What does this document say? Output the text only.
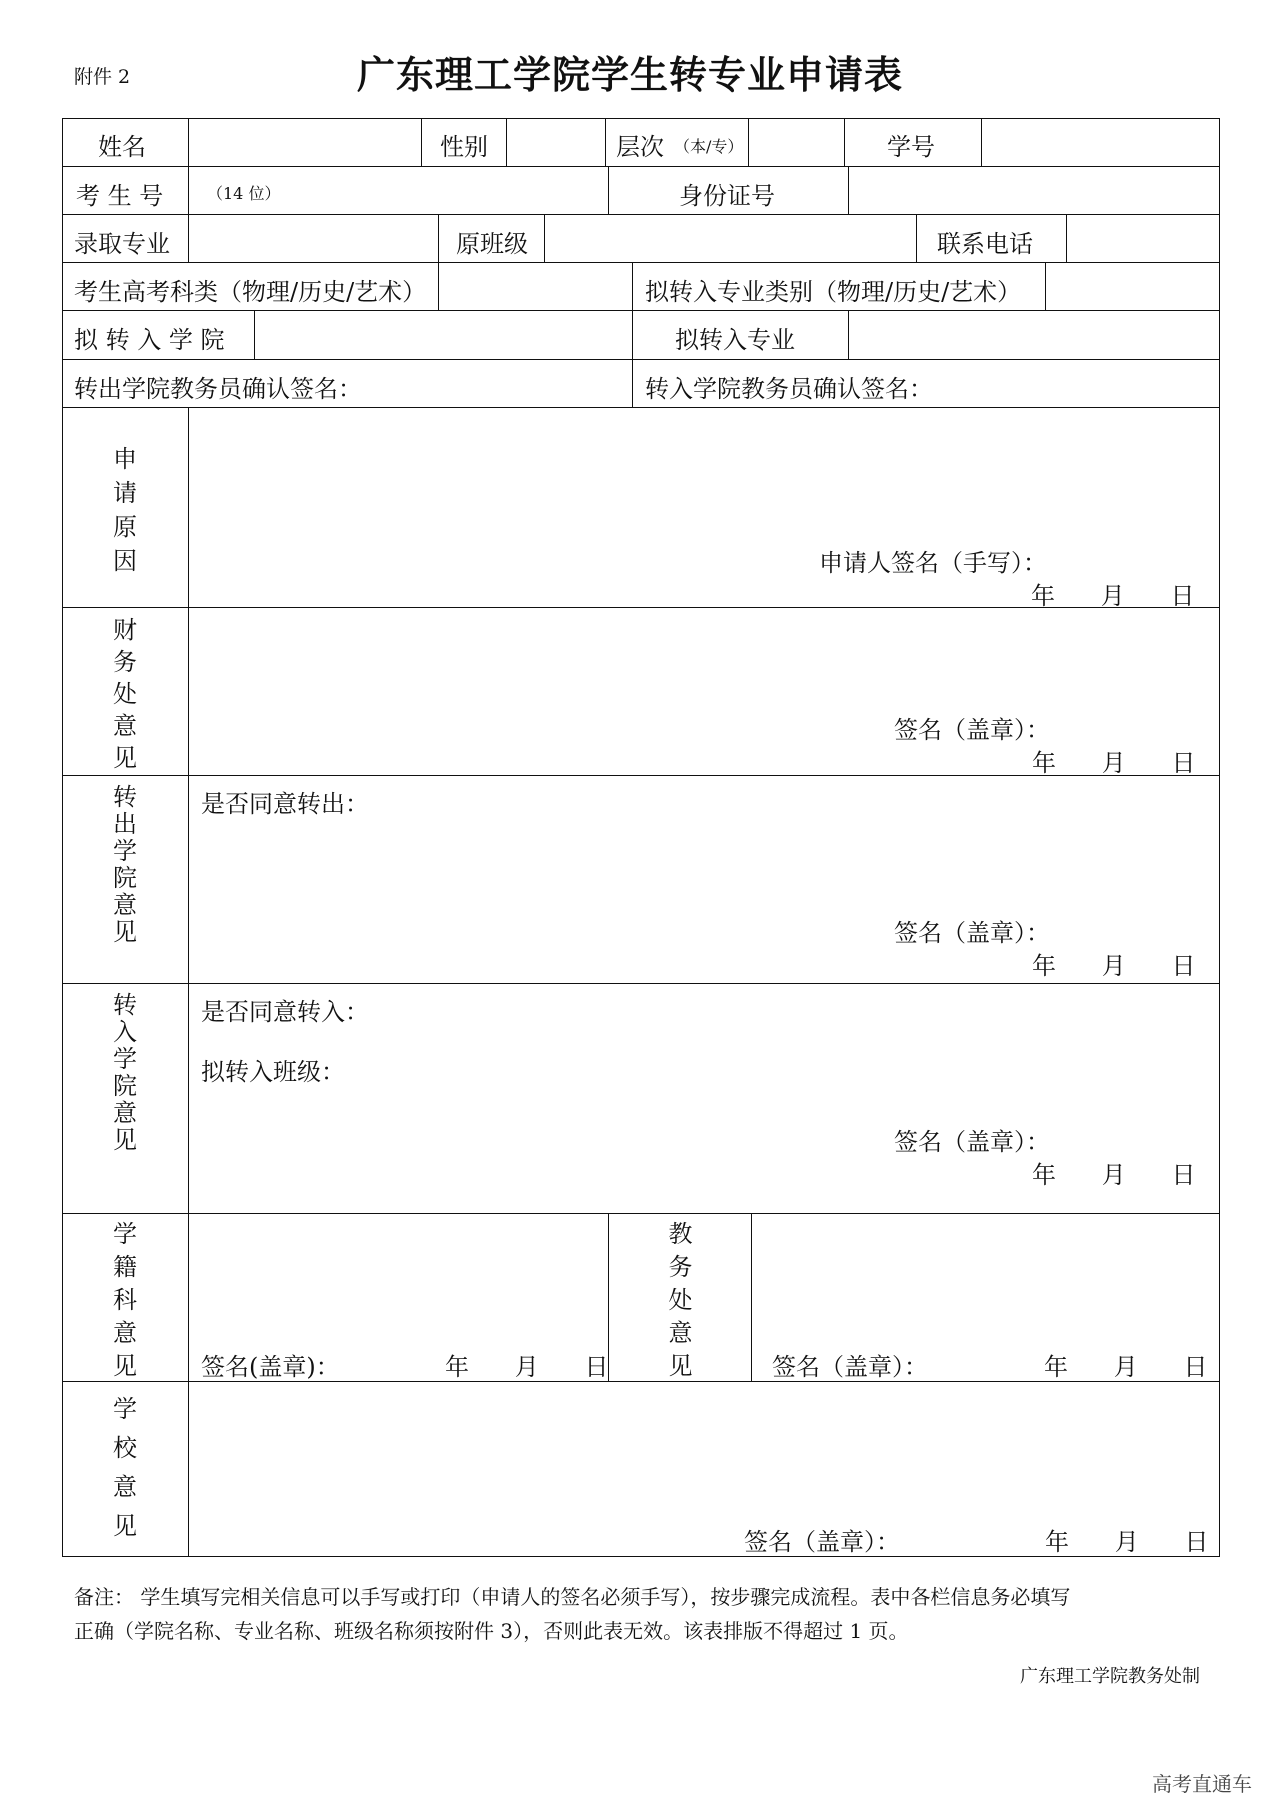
附件 2	广东理工学院学生转专业申请表
姓名	性别	层次 （本/专）	学号
考 生 号	（14 位）	身份证号
录取专业	原班级	联系电话
考生高考科类（物理/历史/艺术）	拟转入专业类别（物理/历史/艺术）
拟 转 入 学 院	拟转入专业
转出学院教务员确认签名：	转入学院教务员确认签名：
申
请
原
因	申请人签名（手写）：
年      月      日
财
务
处
意
见
签名（盖章）：
年      月      日
转
出
学
院
意
见
是否同意转出：
签名（盖章）：
年      月      日
转
入
学
院
意
见
是否同意转入：
拟转入班级：
签名（盖章）：
年      月      日
学
籍
科
意
见	签名(盖章)：	年      月      日
教
务
处
意
见	签名（盖章）：	年      月      日
学
校
意
见
签名（盖章）：	年      月      日
备注： 学生填写完相关信息可以手写或打印（申请人的签名必须手写），按步骤完成流程。表中各栏信息务必填写
正确（学院名称、专业名称、班级名称须按附件 3），否则此表无效。该表排版不得超过 1 页。
广东理工学院教务处制
高考直通车
